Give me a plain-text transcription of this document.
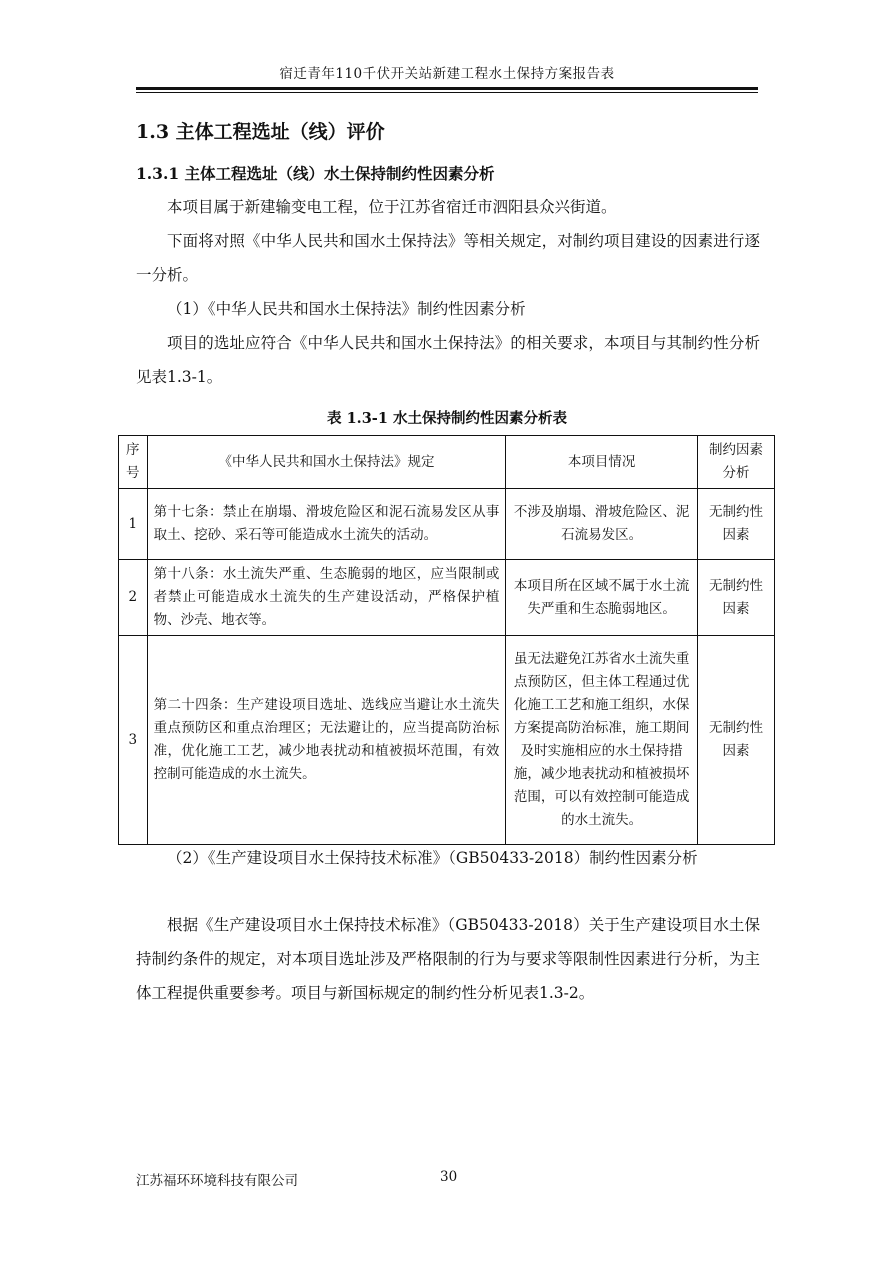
宿迁青年110千伏开关站新建工程水土保持方案报告表
1.3 主体工程选址（线）评价
1.3.1 主体工程选址（线）水土保持制约性因素分析

本项目属于新建输变电工程，位于江苏省宿迁市泗阳县众兴街道。

下面将对照《中华人民共和国水土保持法》等相关规定，对制约项目建设的因素进行逐一分析。

（1）《中华人民共和国水土保持法》制约性因素分析

项目的选址应符合《中华人民共和国水土保持法》的相关要求，本项目与其制约性分析见表1.3-1。

表 1.3-1 水土保持制约性因素分析表
序号	《中华人民共和国水土保持法》规定	本项目情况	制约因素分析
1	第十七条：禁止在崩塌、滑坡危险区和泥石流易发区从事取土、挖砂、采石等可能造成水土流失的活动。	不涉及崩塌、滑坡危险区、泥石流易发区。	无制约性因素
2	第十八条：水土流失严重、生态脆弱的地区，应当限制或者禁止可能造成水土流失的生产建设活动，严格保护植物、沙壳、地衣等。	本项目所在区域不属于水土流失严重和生态脆弱地区。	无制约性因素
3	第二十四条：生产建设项目选址、选线应当避让水土流失重点预防区和重点治理区；无法避让的，应当提高防治标准，优化施工工艺，减少地表扰动和植被损坏范围，有效控制可能造成的水土流失。	虽无法避免江苏省水土流失重点预防区，但主体工程通过优化施工工艺和施工组织，水保方案提高防治标准，施工期间及时实施相应的水土保持措施，减少地表扰动和植被损坏范围，可以有效控制可能造成的水土流失。	无制约性因素

（2）《生产建设项目水土保持技术标准》（GB50433-2018）制约性因素分析

根据《生产建设项目水土保持技术标准》（GB50433-2018）关于生产建设项目水土保持制约条件的规定，对本项目选址涉及严格限制的行为与要求等限制性因素进行分析，为主体工程提供重要参考。项目与新国标规定的制约性分析见表1.3-2。

江苏福环环境科技有限公司	30
